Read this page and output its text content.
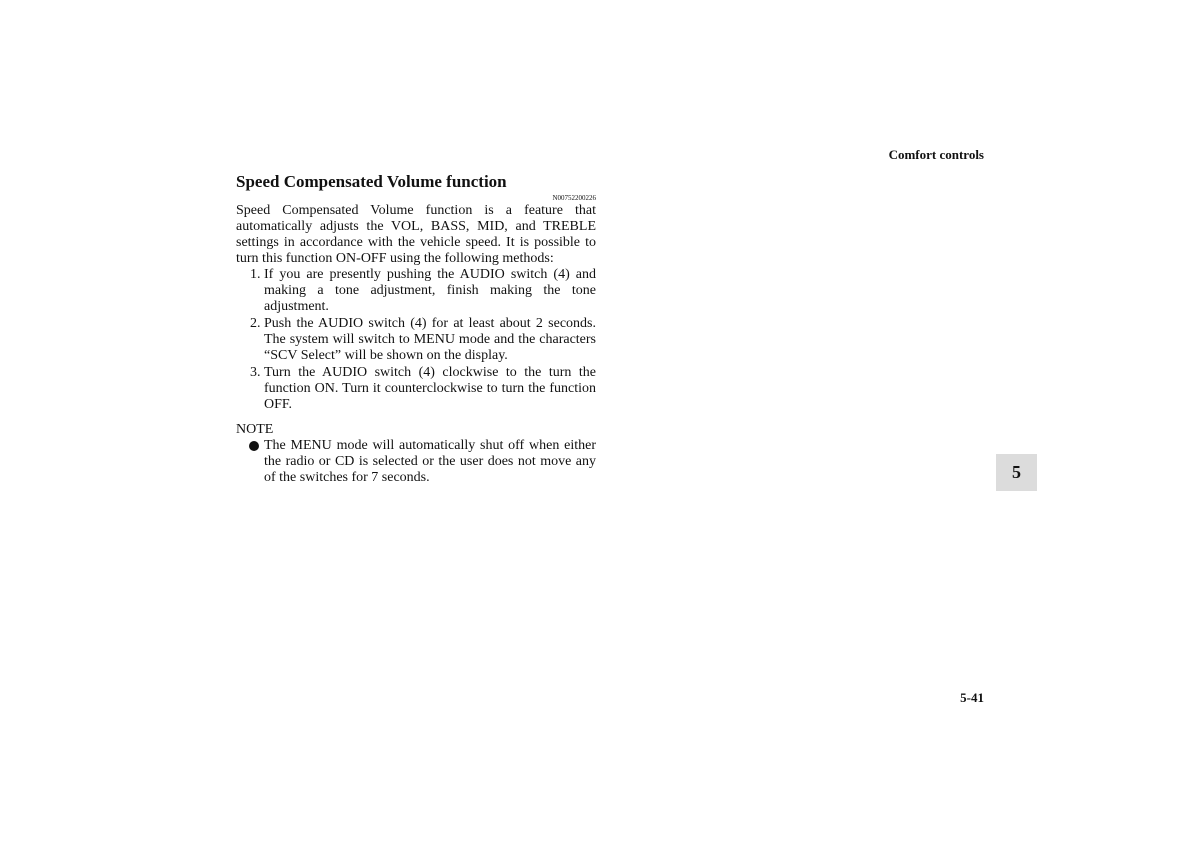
Comfort controls
Speed Compensated Volume function
N00752200226

Speed Compensated Volume function is a feature that automatically adjusts the VOL, BASS, MID, and TREBLE settings in accordance with the vehicle speed. It is possible to turn this function ON-OFF using the following methods:

1. If you are presently pushing the AUDIO switch (4) and making a tone adjustment, finish making the tone adjustment.
2. Push the AUDIO switch (4) for at least about 2 seconds. The system will switch to MENU mode and the characters “SCV Select” will be shown on the display.
3. Turn the AUDIO switch (4) clockwise to the turn the function ON. Turn it counterclockwise to turn the function OFF.
NOTE
The MENU mode will automatically shut off when either the radio or CD is selected or the user does not move any of the switches for 7 seconds.	5
5-41
